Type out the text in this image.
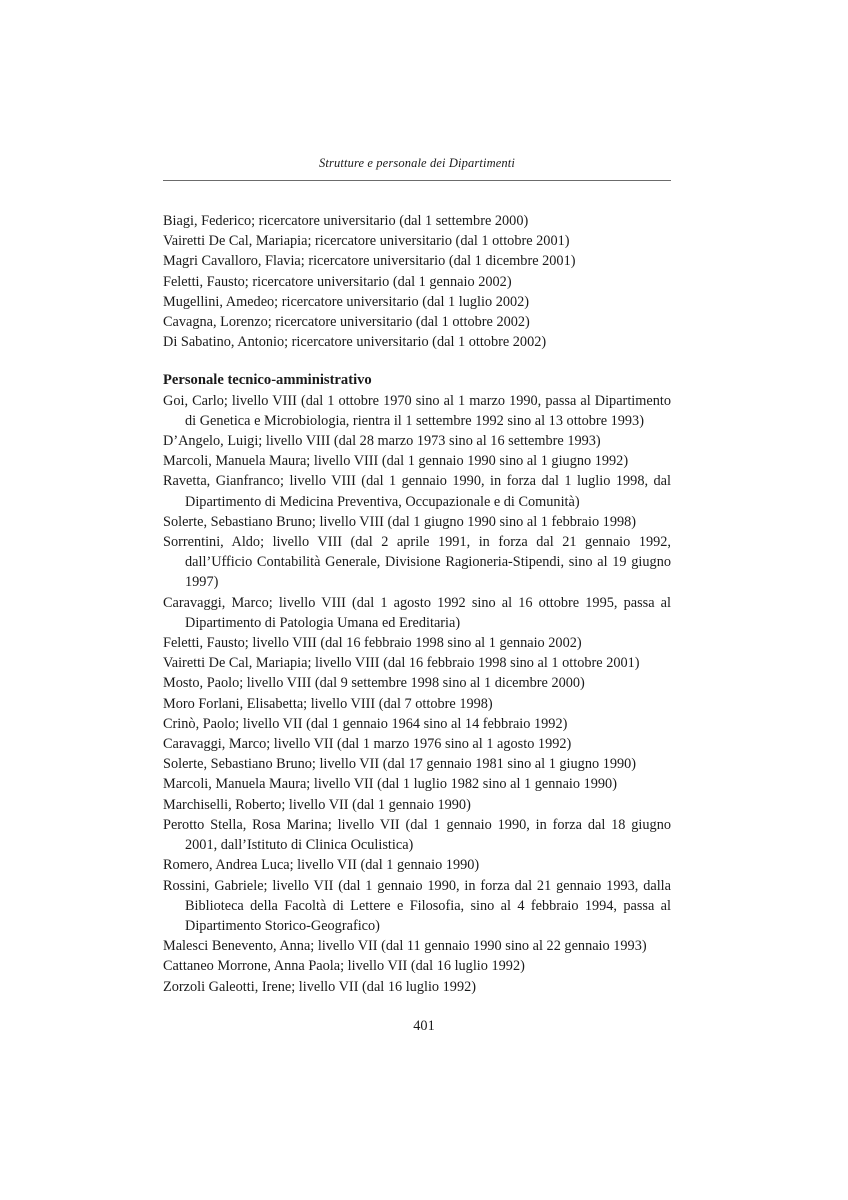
Strutture e personale dei Dipartimenti

Biagi, Federico; ricercatore universitario (dal 1 settembre 2000)

Vairetti De Cal, Mariapia; ricercatore universitario (dal 1 ottobre 2001)

Magri Cavalloro, Flavia; ricercatore universitario (dal 1 dicembre 2001)

Feletti, Fausto; ricercatore universitario (dal 1 gennaio 2002)

Mugellini, Amedeo; ricercatore universitario (dal 1 luglio 2002)

Cavagna, Lorenzo; ricercatore universitario (dal 1 ottobre 2002)

Di Sabatino, Antonio; ricercatore universitario (dal 1 ottobre 2002)

Personale tecnico-amministrativo

Goi, Carlo; livello VIII (dal 1 ottobre 1970 sino al 1 marzo 1990, passa al Dipartimento di Genetica e Microbiologia, rientra il 1 settembre 1992 sino al 13 ottobre 1993)

D’Angelo, Luigi; livello VIII (dal 28 marzo 1973 sino al 16 settembre 1993)

Marcoli, Manuela Maura; livello VIII (dal 1 gennaio 1990 sino al 1 giugno 1992)

Ravetta, Gianfranco; livello VIII (dal 1 gennaio 1990, in forza dal 1 luglio 1998, dal Dipartimento di Medicina Preventiva, Occupazionale e di Comunità)

Solerte, Sebastiano Bruno; livello VIII (dal 1 giugno 1990 sino al 1 febbraio 1998)

Sorrentini, Aldo; livello VIII (dal 2 aprile 1991, in forza dal 21 gennaio 1992, dall’Ufficio Contabilità Generale, Divisione Ragioneria-Stipendi, sino al 19 giugno 1997)

Caravaggi, Marco; livello VIII (dal 1 agosto 1992 sino al 16 ottobre 1995, passa al Dipartimento di Patologia Umana ed Ereditaria)

Feletti, Fausto; livello VIII (dal 16 febbraio 1998 sino al 1 gennaio 2002)

Vairetti De Cal, Mariapia; livello VIII (dal 16 febbraio 1998 sino al 1 ottobre 2001)

Mosto, Paolo; livello VIII (dal 9 settembre 1998 sino al 1 dicembre 2000)

Moro Forlani, Elisabetta; livello VIII (dal 7 ottobre 1998)

Crinò, Paolo; livello VII (dal 1 gennaio 1964 sino al 14 febbraio 1992)

Caravaggi, Marco; livello VII (dal 1 marzo 1976 sino al 1 agosto 1992)

Solerte, Sebastiano Bruno; livello VII (dal 17 gennaio 1981 sino al 1 giugno 1990)

Marcoli, Manuela Maura; livello VII (dal 1 luglio 1982 sino al 1 gennaio 1990)

Marchiselli, Roberto; livello VII (dal 1 gennaio 1990)

Perotto Stella, Rosa Marina; livello VII (dal 1 gennaio 1990, in forza dal 18 giugno 2001, dall’Istituto di Clinica Oculistica)

Romero, Andrea Luca; livello VII (dal 1 gennaio 1990)

Rossini, Gabriele; livello VII (dal 1 gennaio 1990, in forza dal 21 gennaio 1993, dalla Biblioteca della Facoltà di Lettere e Filosofia, sino al 4 febbraio 1994, passa al Dipartimento Storico-Geografico)

Malesci Benevento, Anna; livello VII (dal 11 gennaio 1990 sino al 22 gennaio 1993)

Cattaneo Morrone, Anna Paola; livello VII (dal 16 luglio 1992)

Zorzoli Galeotti, Irene; livello VII (dal 16 luglio 1992)

401
